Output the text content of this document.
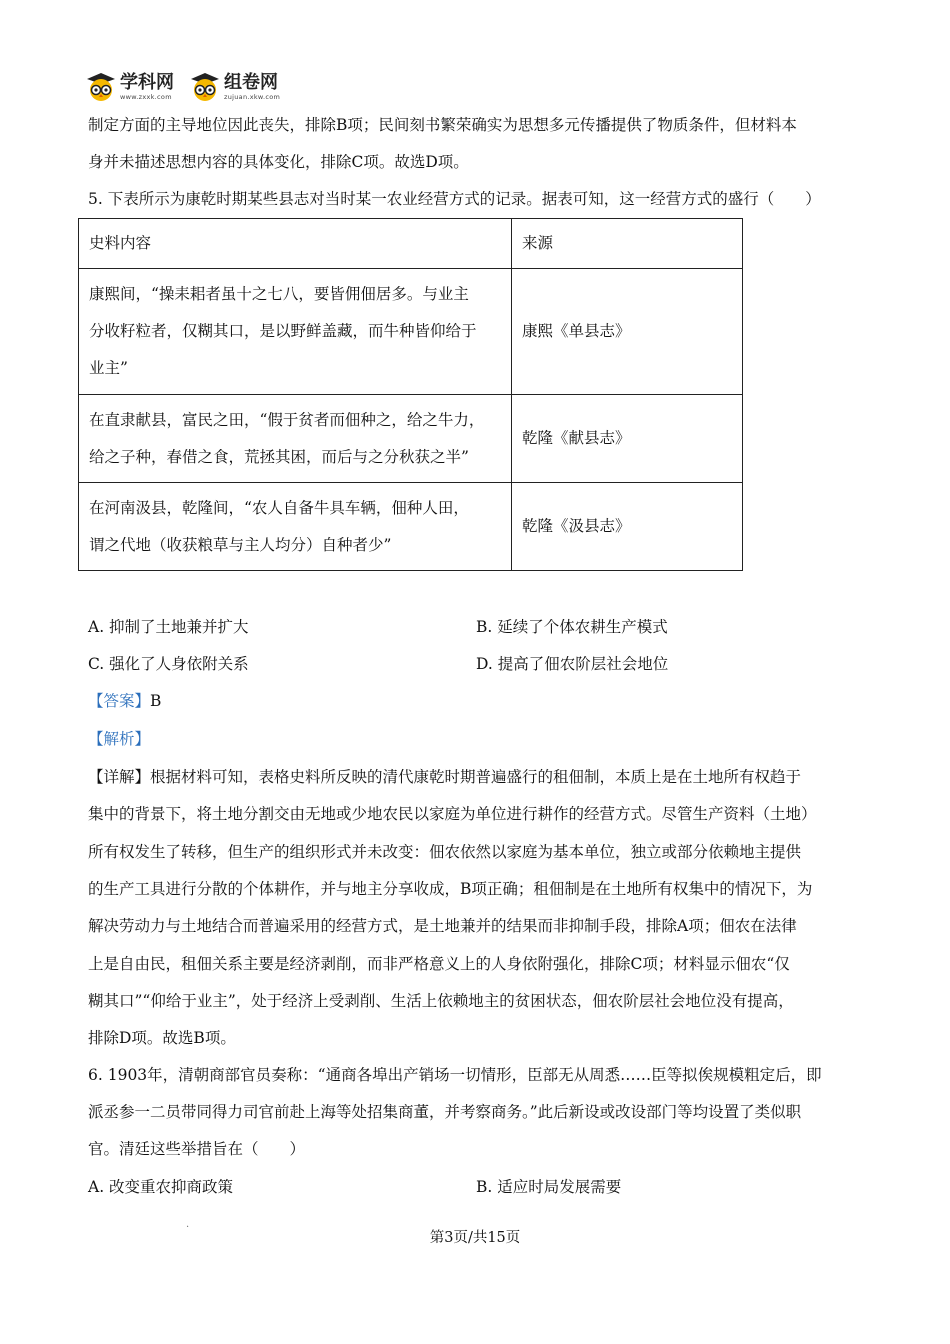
学科网
www.zxxk.com
组卷网
zujuan.xkw.com
制定方面的主导地位因此丧失，排除B项；民间刻书繁荣确实为思想多元传播提供了物质条件，但材料本
身并未描述思想内容的具体变化，排除C项。故选D项。
5. 下表所示为康乾时期某些县志对当时某一农业经营方式的记录。据表可知，这一经营方式的盛行（　　）
史料内容	来源

康熙间，“操耒耜者虽十之七八，要皆佣佃居多。与业主
分收籽粒者，仅糊其口，是以野鲜盖藏，而牛种皆仰给于
业主”	康熙《单县志》

在直隶献县，富民之田，“假于贫者而佃种之，给之牛力，
给之子种，春借之食，荒拯其困，而后与之分秋获之半”	乾隆《献县志》

在河南汲县，乾隆间，“农人自备牛具车辆，佃种人田，
谓之代地（收获粮草与主人均分）自种者少”	乾隆《汲县志》
A. 抑制了土地兼并扩大	B. 延续了个体农耕生产模式
C. 强化了人身依附关系	D. 提高了佃农阶层社会地位
【答案】B
【解析】
【详解】根据材料可知，表格史料所反映的清代康乾时期普遍盛行的租佃制，本质上是在土地所有权趋于
集中的背景下，将土地分割交由无地或少地农民以家庭为单位进行耕作的经营方式。尽管生产资料（土地）
所有权发生了转移，但生产的组织形式并未改变：佃农依然以家庭为基本单位，独立或部分依赖地主提供
的生产工具进行分散的个体耕作，并与地主分享收成，B项正确；租佃制是在土地所有权集中的情况下，为
解决劳动力与土地结合而普遍采用的经营方式，是土地兼并的结果而非抑制手段，排除A项；佃农在法律
上是自由民，租佃关系主要是经济剥削，而非严格意义上的人身依附强化，排除C项；材料显示佃农“仅
糊其口”“仰给于业主”，处于经济上受剥削、生活上依赖地主的贫困状态，佃农阶层社会地位没有提高，
排除D项。故选B项。
6. 1903年，清朝商部官员奏称：“通商各埠出产销场一切情形，臣部无从周悉……臣等拟俟规模粗定后，即
派丞参一二员带同得力司官前赴上海等处招集商董，并考察商务。”此后新设或改设部门等均设置了类似职
官。清廷这些举措旨在（　　）
A. 改变重农抑商政策	B. 适应时局发展需要
·
第3页/共15页
